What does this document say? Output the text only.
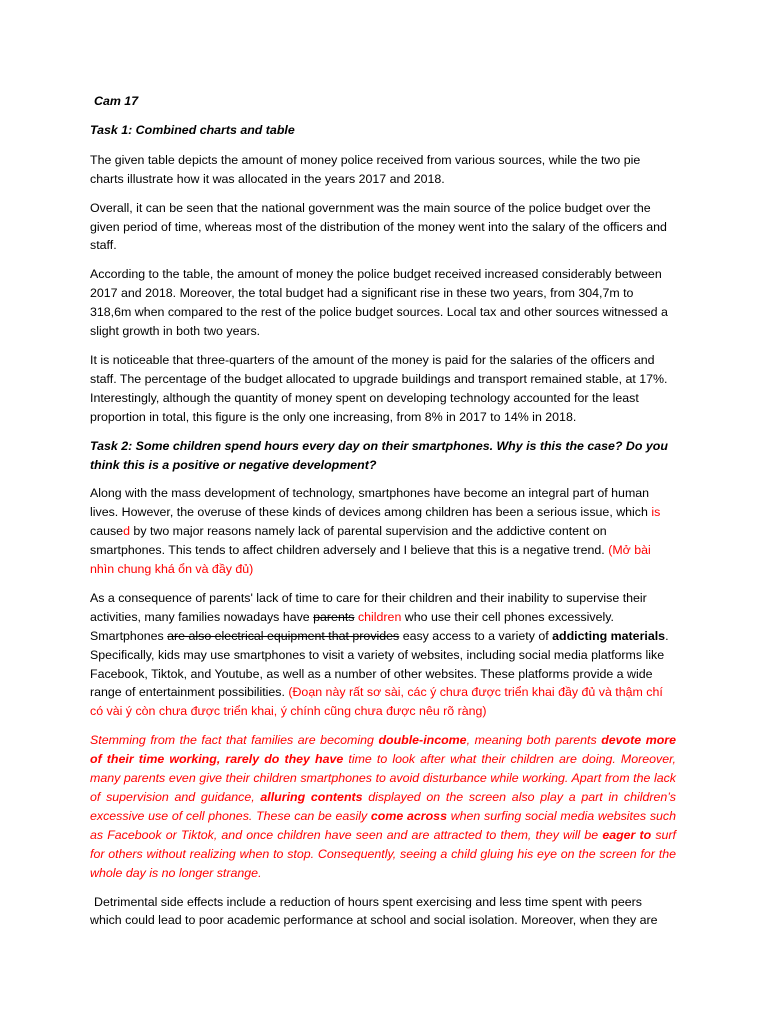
Cam 17

Task 1: Combined charts and table

The given table depicts the amount of money police received from various sources, while the two pie charts illustrate how it was allocated in the years 2017 and 2018.

Overall, it can be seen that the national government was the main source of the police budget over the given period of time, whereas most of the distribution of the money went into the salary of the officers and staff.

According to the table, the amount of money the police budget received increased considerably between 2017 and 2018. Moreover, the total budget had a significant rise in these two years, from 304,7m to 318,6m when compared to the rest of the police budget sources. Local tax and other sources witnessed a slight growth in both two years.

It is noticeable that three-quarters of the amount of the money is paid for the salaries of the officers and staff. The percentage of the budget allocated to upgrade buildings and transport remained stable, at 17%. Interestingly, although the quantity of money spent on developing technology accounted for the least proportion in total, this figure is the only one increasing, from 8% in 2017 to 14% in 2018.

Task 2: Some children spend hours every day on their smartphones. Why is this the case? Do you think this is a positive or negative development?

Along with the mass development of technology, smartphones have become an integral part of human lives. However, the overuse of these kinds of devices among children has been a serious issue, which is caused by two major reasons namely lack of parental supervision and the addictive content on smartphones. This tends to affect children adversely and I believe that this is a negative trend. (Mở bài nhìn chung khá ổn và đầy đủ)

As a consequence of parents' lack of time to care for their children and their inability to supervise their activities, many families nowadays have parents children who use their cell phones excessively. Smartphones are also electrical equipment that provides easy access to a variety of addicting materials. Specifically, kids may use smartphones to visit a variety of websites, including social media platforms like Facebook, Tiktok, and Youtube, as well as a number of other websites. These platforms provide a wide range of entertainment possibilities. (Đoạn này rất sơ sài, các ý chưa được triển khai đầy đủ và thậm chí có vài ý còn chưa được triển khai, ý chính cũng chưa được nêu rõ ràng)

Stemming from the fact that families are becoming double-income, meaning both parents devote more of their time working, rarely do they have time to look after what their children are doing. Moreover, many parents even give their children smartphones to avoid disturbance while working. Apart from the lack of supervision and guidance, alluring contents displayed on the screen also play a part in children’s excessive use of cell phones. These can be easily come across when surfing social media websites such as Facebook or Tiktok, and once children have seen and are attracted to them, they will be eager to surf for others without realizing when to stop. Consequently, seeing a child gluing his eye on the screen for the whole day is no longer strange.

Detrimental side effects include a reduction of hours spent exercising and less time spent with peers which could lead to poor academic performance at school and social isolation. Moreover, when they are
